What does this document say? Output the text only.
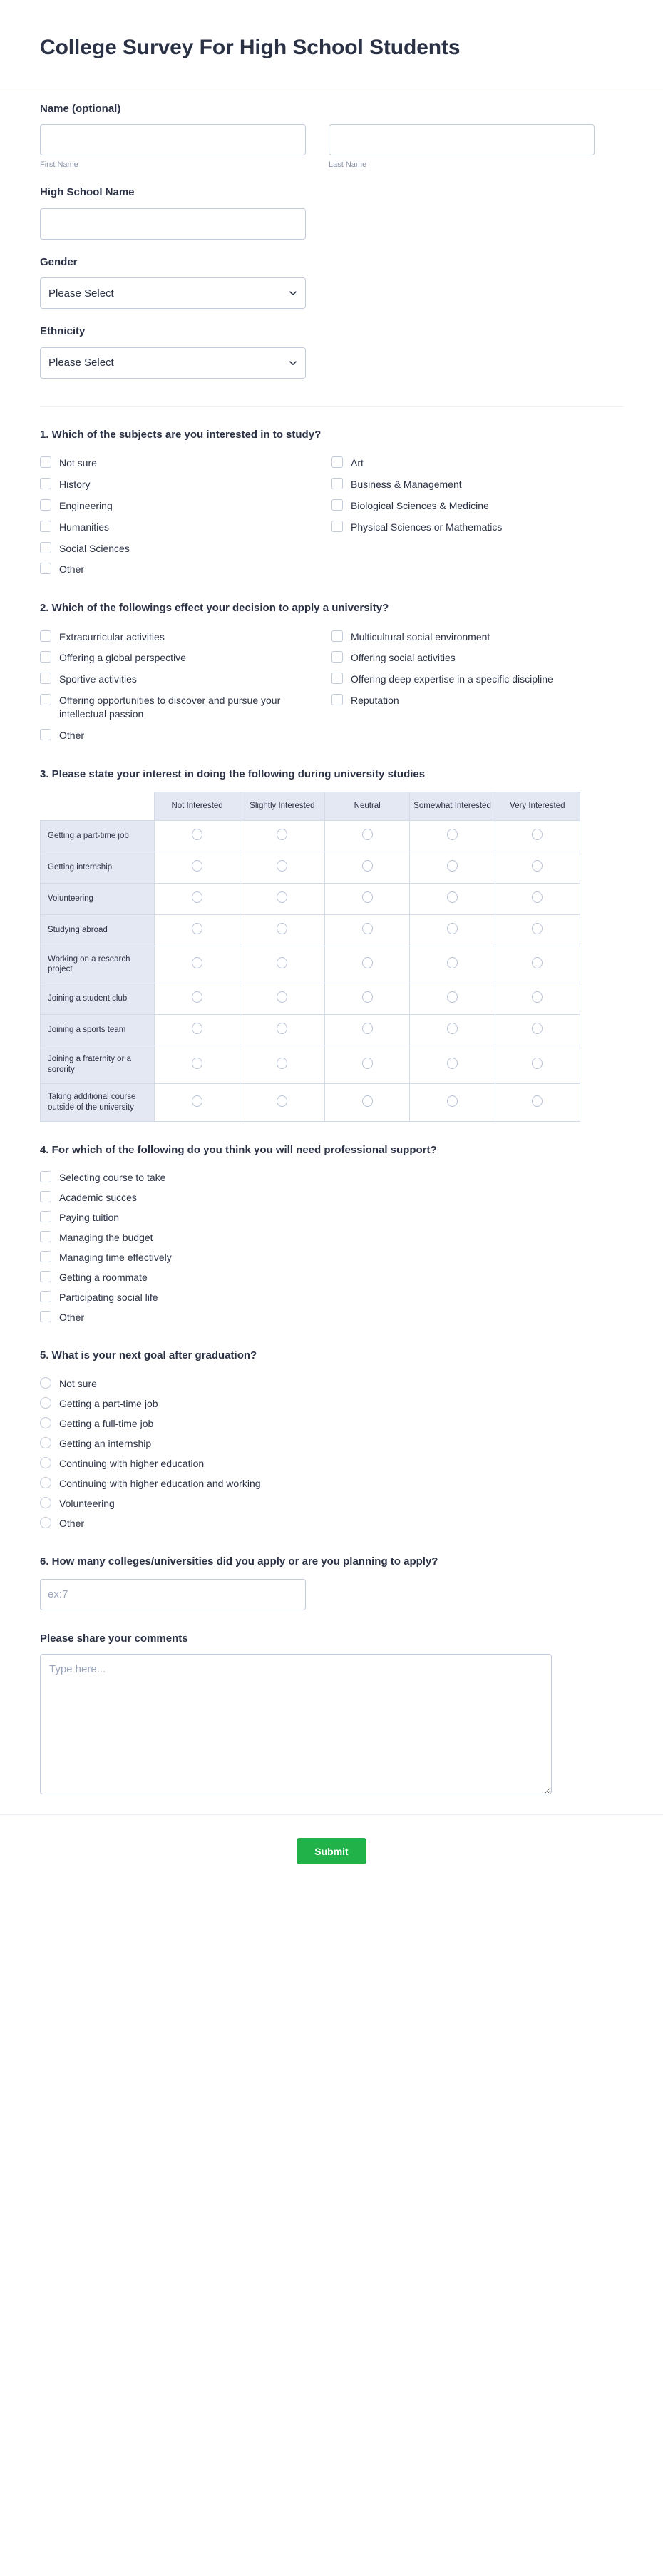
College Survey For High School Students
Name (optional)
First Name	Last Name
High School Name
Gender
Please Select
Ethnicity
Please Select
1. Which of the subjects are you interested in to study?
Not sure
History
Engineering
Humanities
Social Sciences
Other
Art
Business & Management
Biological Sciences & Medicine
Physical Sciences or Mathematics
2. Which of the followings effect your decision to apply a university?
Extracurricular activities
Offering a global perspective
Sportive activities
Offering opportunities to discover and pursue your intellectual passion
Other
Multicultural social environment
Offering social activities
Offering deep expertise in a specific discipline
Reputation
3. Please state your interest in doing the following during university studies
	Not Interested	Slightly Interested	Neutral	Somewhat Interested	Very Interested
Getting a part-time job					
Getting internship					
Volunteering					
Studying abroad					
Working on a research project					
Joining a student club					
Joining a sports team					
Joining a fraternity or a sorority					
Taking additional course outside of the university					
4. For which of the following do you think you will need professional support?
Selecting course to take
Academic succes
Paying tuition
Managing the budget
Managing time effectively
Getting a roommate
Participating social life
Other
5. What is your next goal after graduation?
Not sure
Getting a part-time job
Getting a full-time job
Getting an internship
Continuing with higher education
Continuing with higher education and working
Volunteering
Other
6. How many colleges/universities did you apply or are you planning to apply?
ex:7
Please share your comments
Type here...
Submit
